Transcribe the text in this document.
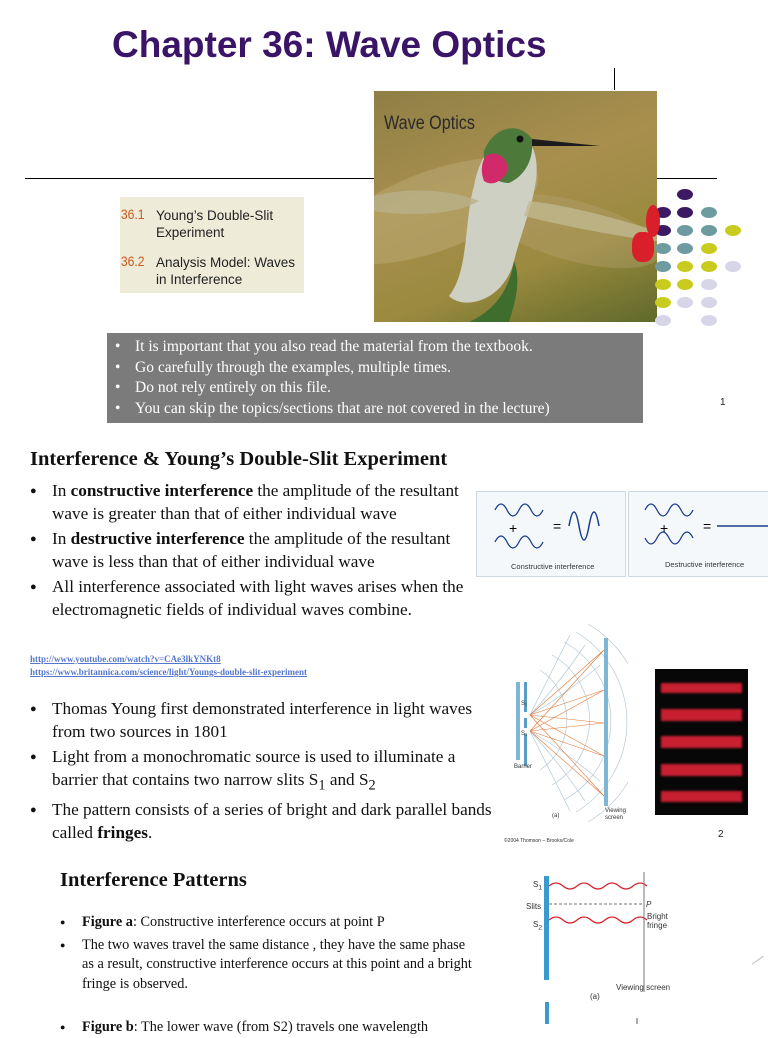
Chapter 36: Wave Optics
36.1 Young’s Double-Slit
Experiment
36.2 Analysis Model: Waves
in Interference
Wave Optics
• It is important that you also read the material from the textbook.
• Go carefully through the examples, multiple times.
• Do not rely entirely on this file.
• You can skip the topics/sections that are not covered in the lecture)	1
Interference & Young’s Double-Slit Experiment
● In constructive interference the amplitude of the resultant wave is greater than that of either individual wave
● In destructive interference the amplitude of the resultant wave is less than that of either individual wave
● All interference associated with light waves arises when the electromagnetic fields of individual waves combine.
http://www.youtube.com/watch?v=CAe3lkYNKt8
https://www.britannica.com/science/light/Youngs-double-slit-experiment
● Thomas Young first demonstrated interference in light waves from two sources in 1801
● Light from a monochromatic source is used to illuminate a barrier that contains two narrow slits $S_1$ and $S_2$
● The pattern consists of a series of bright and dark parallel bands called fringes.
+	=
Constructive interference
+ =
Destructive interference
S₁
S₂
Barrier
Viewing
screen
(a)
©2004 Thomson – Brooks/Cole
2
Interference Patterns
● Figure a: Constructive interference occurs at point P
● The two waves travel the same distance , they have the same phase as a result, constructive interference occurs at this point and a bright fringe is observed.
● Figure b: The lower wave (from S2) travels one wavelength
$S_1$
Slits
$S_2$
P
Bright
fringe
Viewing screen
(a)
